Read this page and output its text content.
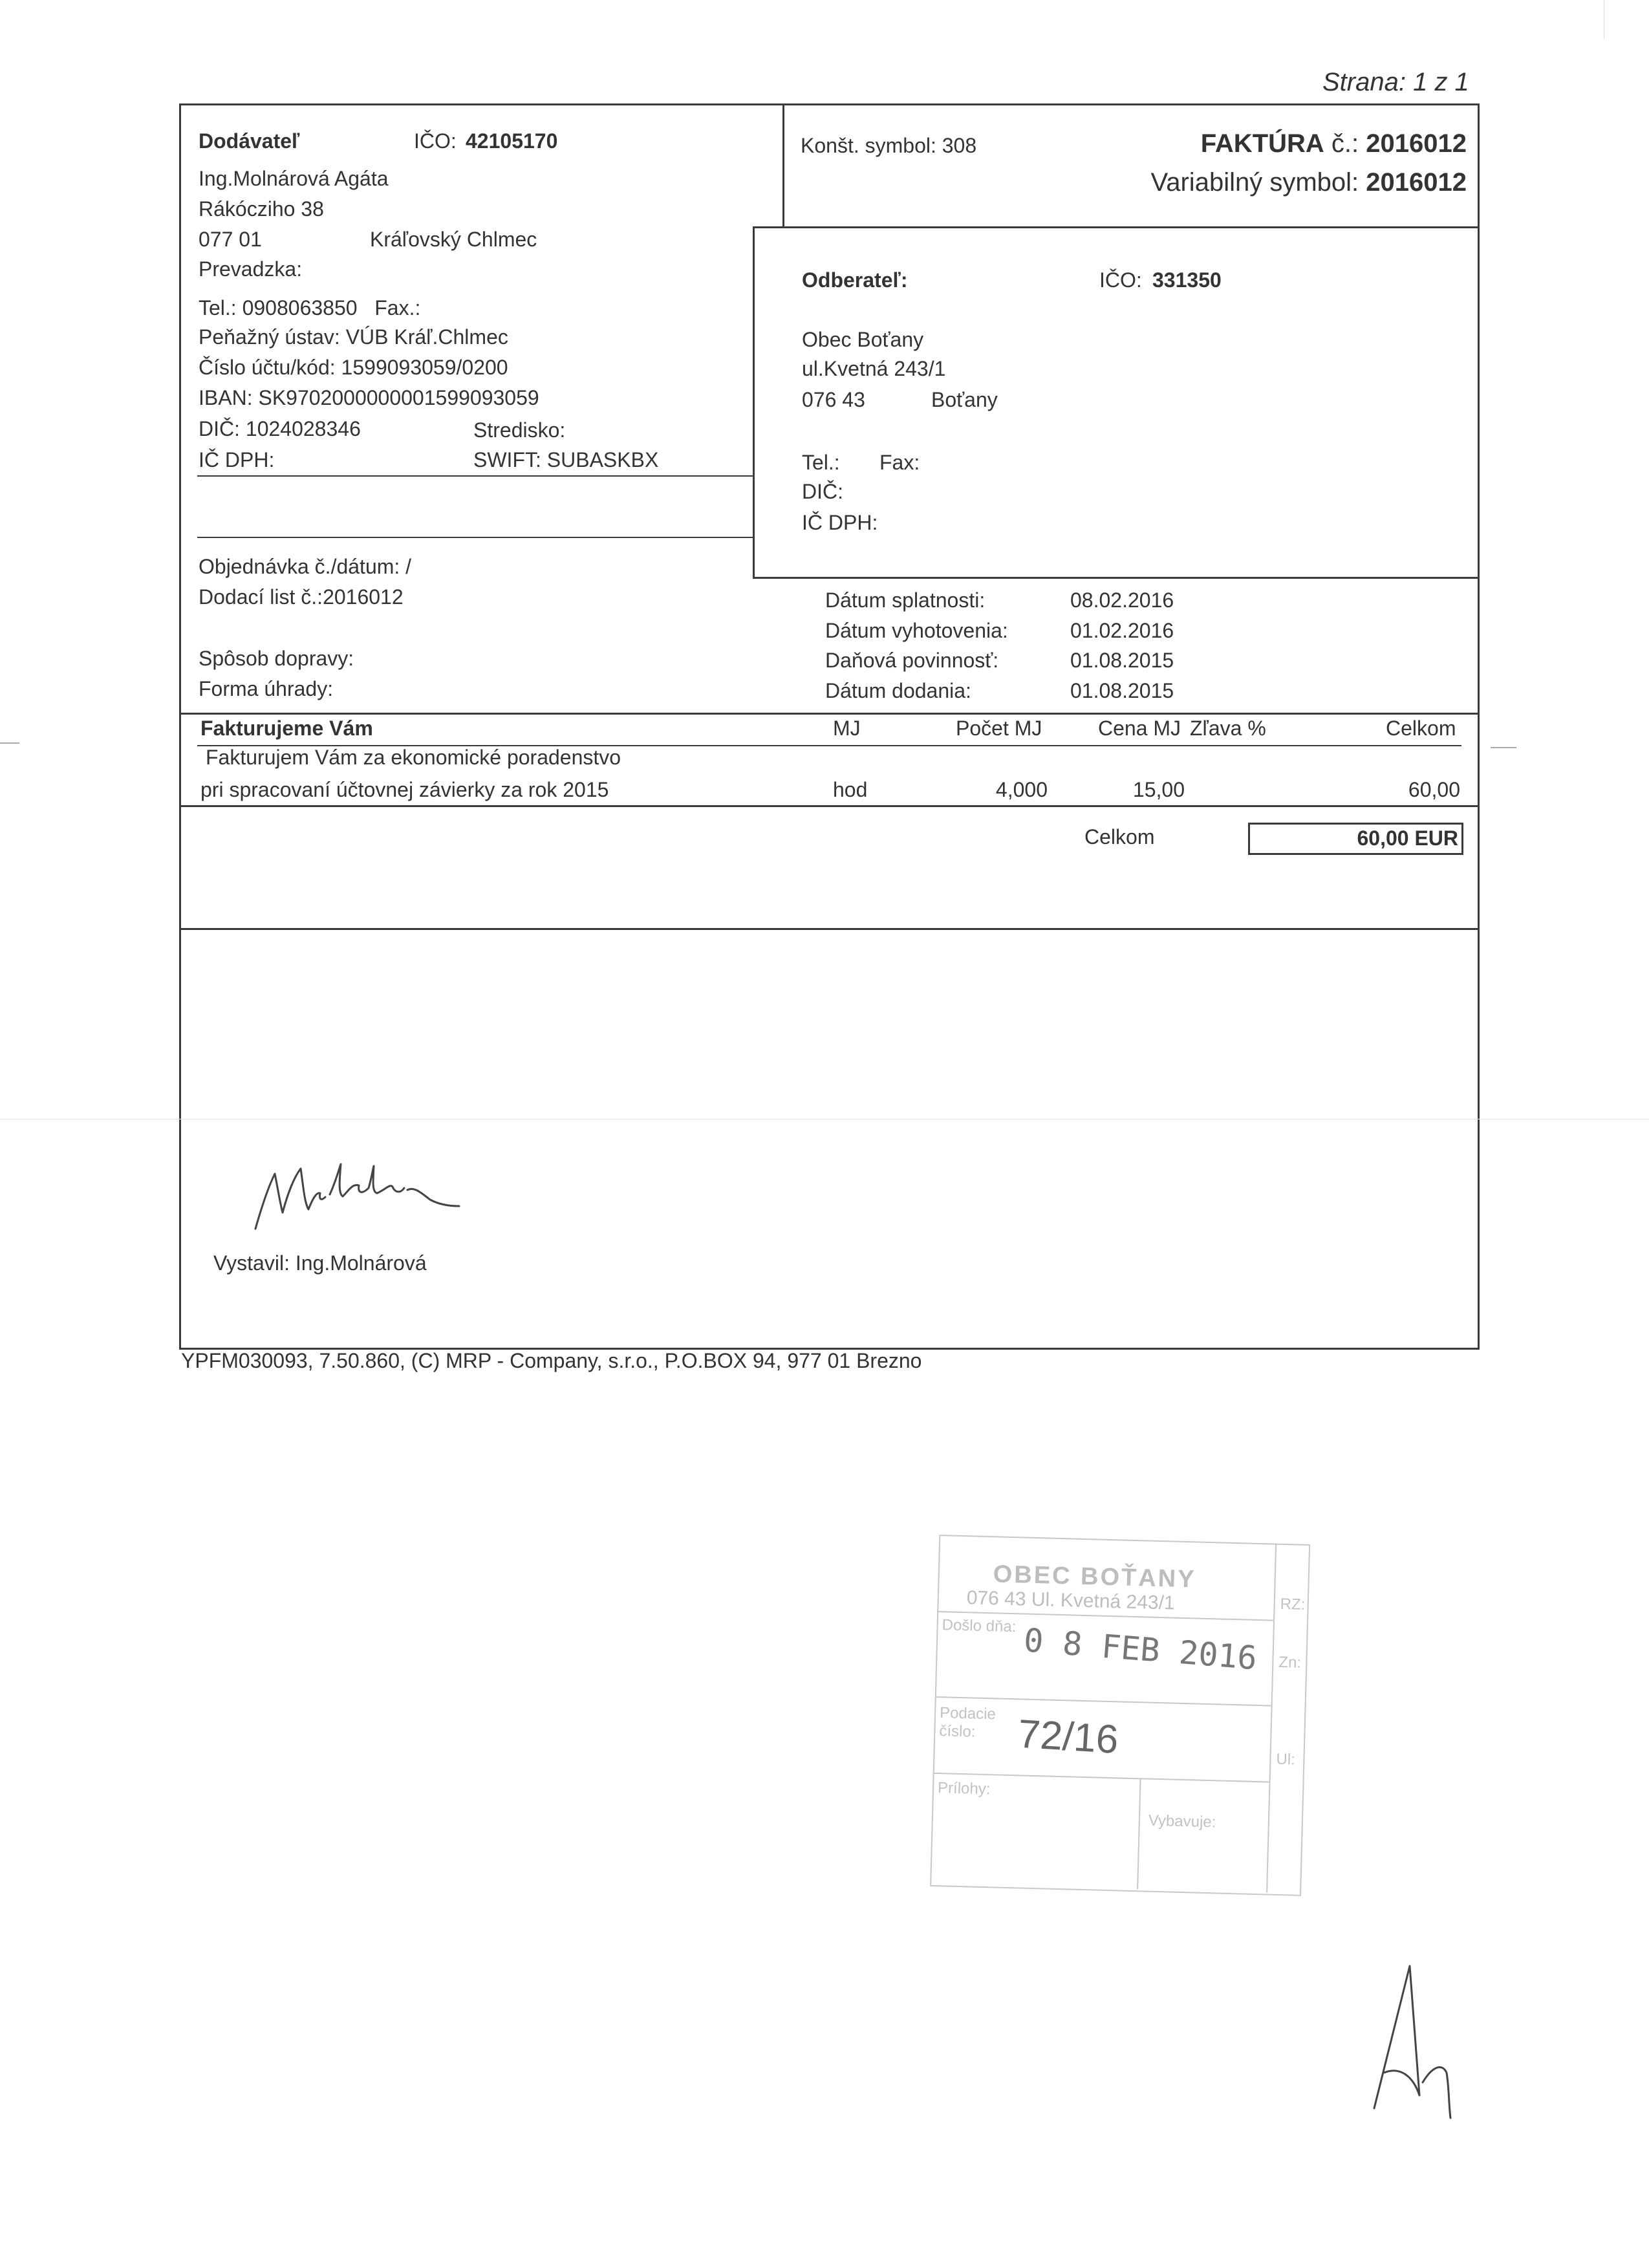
Strana: 1 z 1
Dodávateľ	IČO: 42105170
Ing.Molnárová Agáta
Rákócziho 38
077 01	Kráľovský Chlmec
Prevadzka:
Tel.: 0908063850   Fax.:
Peňažný ústav: VÚB Kráľ.Chlmec
Číslo účtu/kód: 1599093059/0200
IBAN: SK9702000000001599093059
DIČ: 1024028346	Stredisko:
IČ DPH:	SWIFT: SUBASKBX
Konšt. symbol: 308	FAKTÚRA č.: 2016012
Variabilný symbol: 2016012
Odberateľ:	IČO: 331350
Obec Boťany
ul.Kvetná 243/1
076 43	Boťany
Tel.: Fax:
DIČ:
IČ DPH:
Objednávka č./dátum: /
Dodací list č.:2016012
Spôsob dopravy:
Forma úhrady:
Dátum splatnosti:	08.02.2016
Dátum vyhotovenia:	01.02.2016
Daňová povinnosť:	01.08.2015
Dátum dodania:	01.08.2015
Fakturujeme Vám	MJ	Počet MJ	Cena MJ Zľava %	Celkom
Fakturujem Vám za ekonomické poradenstvo
pri spracovaní účtovnej závierky za rok 2015	hod	4,000	15,00	60,00
Celkom	60,00 EUR
Vystavil: Ing.Molnárová
YPFM030093, 7.50.860, (C) MRP - Company, s.r.o., P.O.BOX 94, 977 01 Brezno
OBEC BOŤANY
076 43 Ul. Kvetná 243/1
Došlo dňa: 0 8 FEB 2016
Podacie číslo:	72/16
Prílohy:
Vybavuje:
RZ:
Zn:
Ul:
